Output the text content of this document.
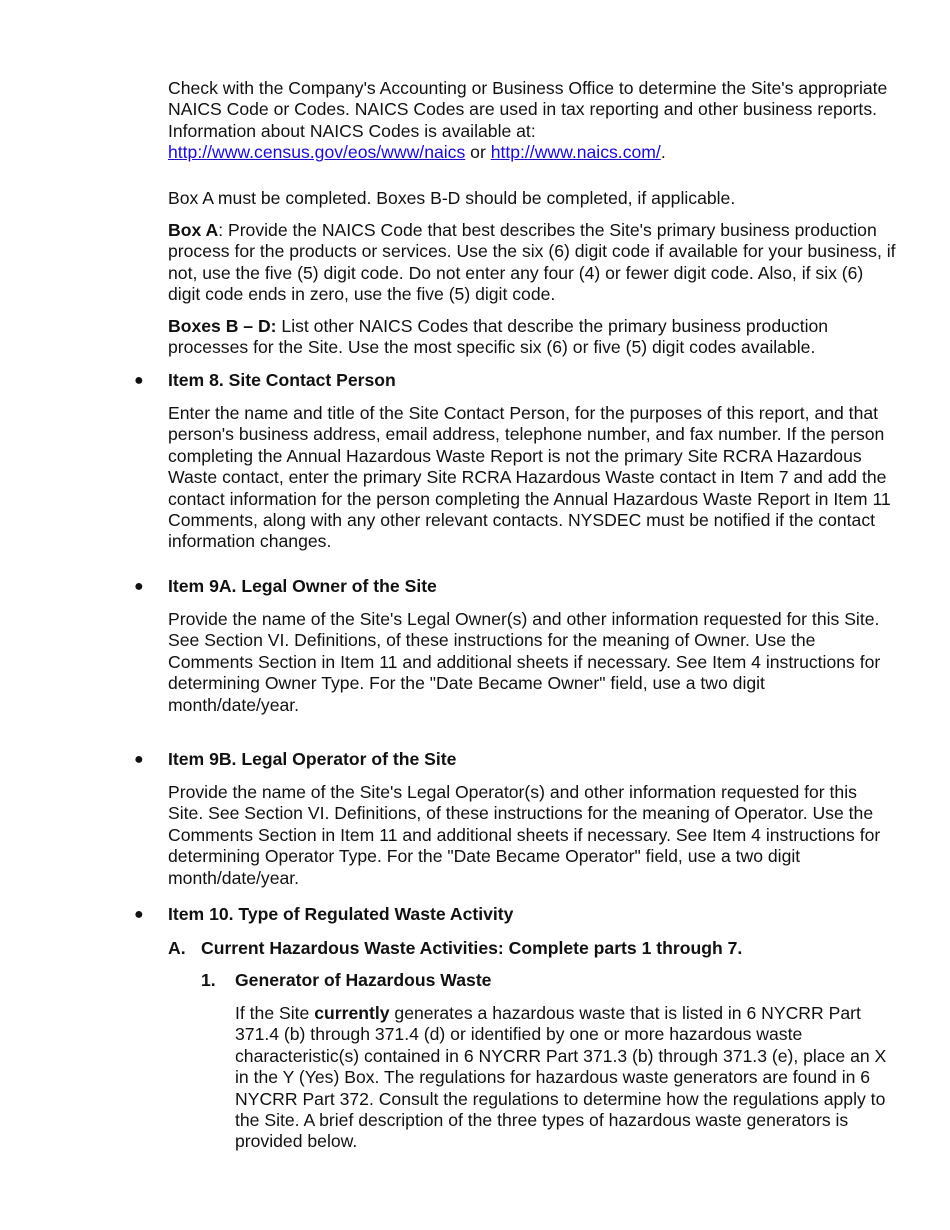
Check with the Company's Accounting or Business Office to determine the Site's appropriate NAICS Code or Codes. NAICS Codes are used in tax reporting and other business reports. Information about NAICS Codes is available at:
http://www.census.gov/eos/www/naics or http://www.naics.com/.

Box A must be completed. Boxes B-D should be completed, if applicable.

Box A: Provide the NAICS Code that best describes the Site's primary business production process for the products or services. Use the six (6) digit code if available for your business, if not, use the five (5) digit code. Do not enter any four (4) or fewer digit code. Also, if six (6) digit code ends in zero, use the five (5) digit code.

Boxes B – D: List other NAICS Codes that describe the primary business production processes for the Site. Use the most specific six (6) or five (5) digit codes available.

● Item 8. Site Contact Person

Enter the name and title of the Site Contact Person, for the purposes of this report, and that person's business address, email address, telephone number, and fax number. If the person completing the Annual Hazardous Waste Report is not the primary Site RCRA Hazardous Waste contact, enter the primary Site RCRA Hazardous Waste contact in Item 7 and add the contact information for the person completing the Annual Hazardous Waste Report in Item 11 Comments, along with any other relevant contacts. NYSDEC must be notified if the contact information changes.

● Item 9A. Legal Owner of the Site

Provide the name of the Site's Legal Owner(s) and other information requested for this Site. See Section VI. Definitions, of these instructions for the meaning of Owner. Use the Comments Section in Item 11 and additional sheets if necessary. See Item 4 instructions for determining Owner Type. For the "Date Became Owner" field, use a two digit month/date/year.

● Item 9B. Legal Operator of the Site

Provide the name of the Site's Legal Operator(s) and other information requested for this Site. See Section VI. Definitions, of these instructions for the meaning of Operator. Use the Comments Section in Item 11 and additional sheets if necessary. See Item 4 instructions for determining Operator Type. For the "Date Became Operator" field, use a two digit month/date/year.

● Item 10. Type of Regulated Waste Activity
A. Current Hazardous Waste Activities: Complete parts 1 through 7.
1. Generator of Hazardous Waste

If the Site currently generates a hazardous waste that is listed in 6 NYCRR Part 371.4 (b) through 371.4 (d) or identified by one or more hazardous waste characteristic(s) contained in 6 NYCRR Part 371.3 (b) through 371.3 (e), place an X in the Y (Yes) Box. The regulations for hazardous waste generators are found in 6 NYCRR Part 372. Consult the regulations to determine how the regulations apply to the Site. A brief description of the three types of hazardous waste generators is provided below.
